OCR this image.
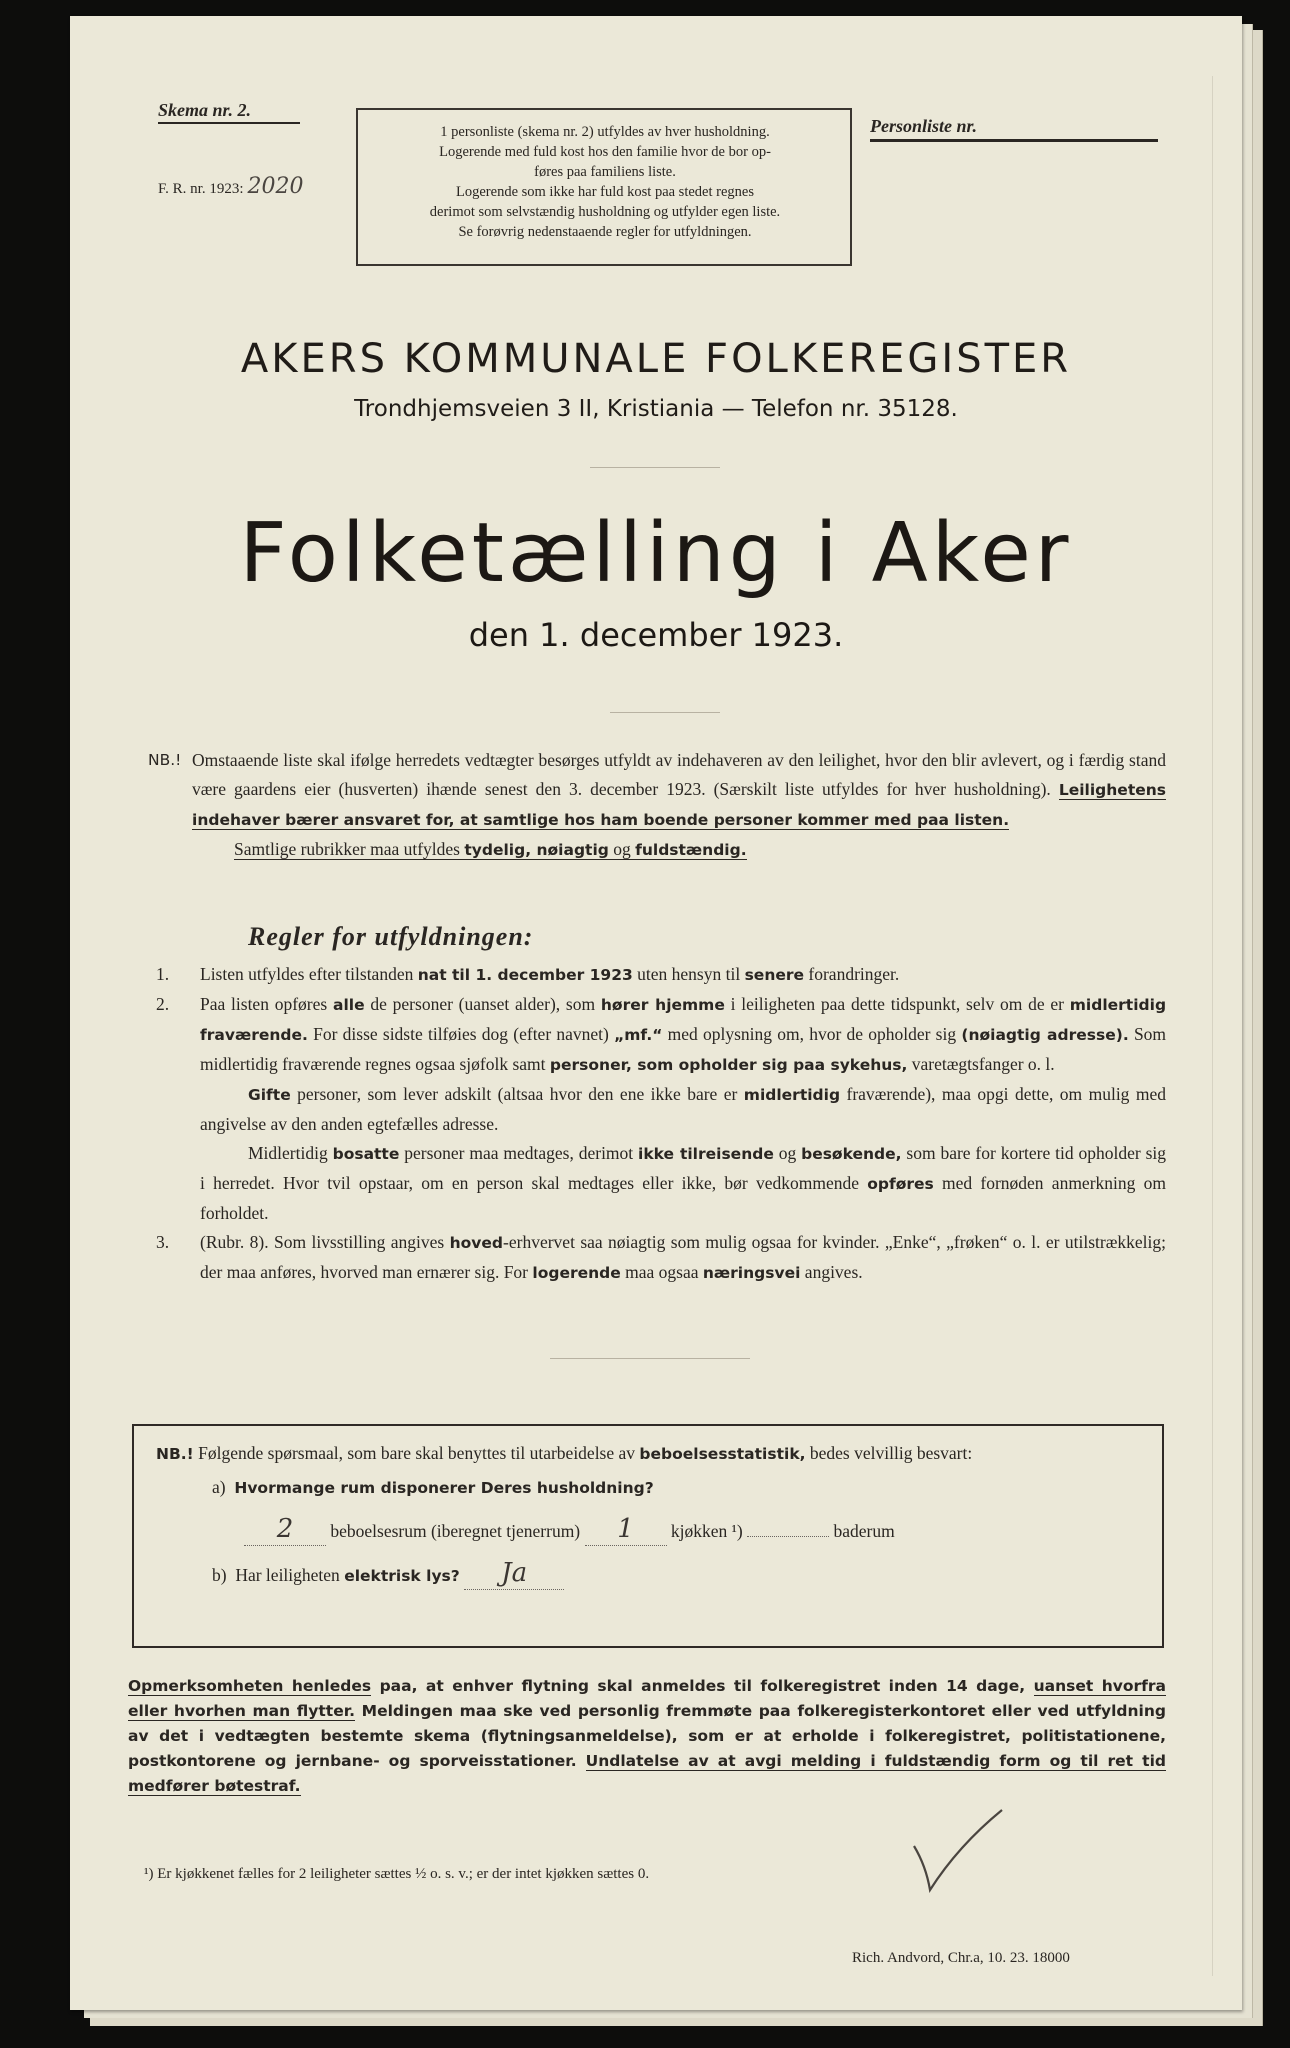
Skema nr. 2.
F. R. nr. 1923: 2020
1 personliste (skema nr. 2) utfyldes av hver husholdning.
Logerende med fuld kost hos den familie hvor de bor op-
føres paa familiens liste.
Logerende som ikke har fuld kost paa stedet regnes
derimot som selvstændig husholdning og utfylder egen liste.
Se forøvrig nedenstaaende regler for utfyldningen.
Personliste nr.
AKERS KOMMUNALE FOLKEREGISTER
Trondhjemsveien 3 II, Kristiania — Telefon nr. 35128.
Folketælling i Aker
den 1. december 1923.
NB.! Omstaaende liste skal ifølge herredets vedtægter besørges utfyldt av indehaveren av den leilighet, hvor den blir avlevert, og i færdig stand være gaardens eier (husverten) ihænde senest den 3. december 1923. (Særskilt liste utfyldes for hver husholdning). Leilighetens indehaver bærer ansvaret for, at samtlige hos ham boende personer kommer med paa listen.
Samtlige rubrikker maa utfyldes tydelig, nøiagtig og fuldstændig.
Regler for utfyldningen:
1. Listen utfyldes efter tilstanden nat til 1. december 1923 uten hensyn til senere forandringer.
2. Paa listen opføres alle de personer (uanset alder), som hører hjemme i leiligheten paa dette tidspunkt, selv om de er midlertidig fraværende. For disse sidste tilføies dog (efter navnet) „mf.“ med oplysning om, hvor de opholder sig (nøiagtig adresse). Som midlertidig fraværende regnes ogsaa sjøfolk samt personer, som opholder sig paa sykehus, varetægtsfanger o. l.
Gifte personer, som lever adskilt (altsaa hvor den ene ikke bare er midlertidig fraværende), maa opgi dette, om mulig med angivelse av den anden egtefælles adresse.
Midlertidig bosatte personer maa medtages, derimot ikke tilreisende og besøkende, som bare for kortere tid opholder sig i herredet. Hvor tvil opstaar, om en person skal medtages eller ikke, bør vedkommende opføres med fornøden anmerkning om forholdet.
3. (Rubr. 8). Som livsstilling angives hoved-erhvervet saa nøiagtig som mulig ogsaa for kvinder. „Enke“, „frøken“ o. l. er utilstrækkelig; der maa anføres, hvorved man ernærer sig. For logerende maa ogsaa næringsvei angives.
NB.! Følgende spørsmaal, som bare skal benyttes til utarbeidelse av beboelsesstatistik, bedes velvillig besvart:
a) Hvormange rum disponerer Deres husholdning?
2 beboelsesrum (iberegnet tjenerrum) 1 kjøkken ¹)	baderum
b) Har leiligheten elektrisk lys? Ja
Opmerksomheten henledes paa, at enhver flytning skal anmeldes til folkeregistret inden 14 dage, uanset hvorfra eller hvorhen man flytter. Meldingen maa ske ved personlig fremmøte paa folkeregisterkontoret eller ved utfyldning av det i vedtægten bestemte skema (flytningsanmeldelse), som er at erholde i folkeregistret, politistationene, postkontorene og jernbane- og sporveisstationer. Undlatelse av at avgi melding i fuldstændig form og til ret tid medfører bøtestraf.
¹) Er kjøkkenet fælles for 2 leiligheter sættes ½ o. s. v.; er der intet kjøkken sættes 0.
Rich. Andvord, Chr.a, 10. 23. 18000
